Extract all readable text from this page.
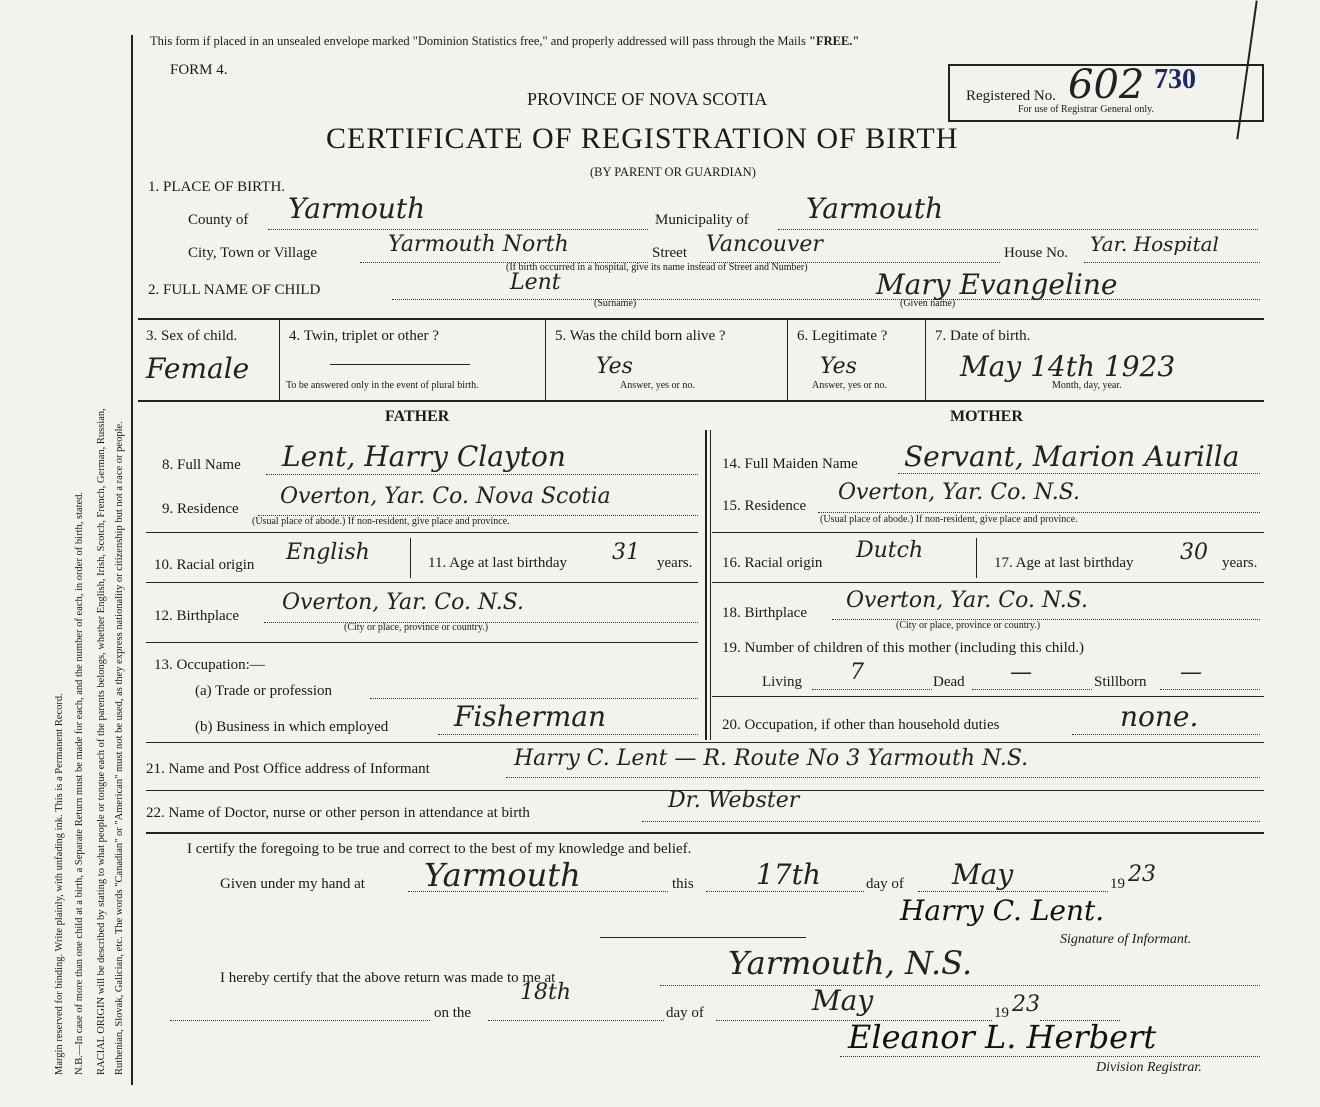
Margin reserved for binding. Write plainly, with unfading ink. This is a Permanent Record. N.B.—In case of more than one child at a birth, a Separate Return must be made for each, and the number of each, in order of birth, stated. RACIAL ORIGIN will be described by stating to what people or tongue each of the parents belongs, whether English, Irish, Scotch, French, German, Russian, Ruthenian, Slovak, Galician, etc. The words "Canadian" or "American" must not be used, as they express nationality or citizenship but not a race or people.
This form if placed in an unsealed envelope marked "Dominion Statistics free," and properly addressed will pass through the Mails "FREE."
FORM 4.
PROVINCE OF NOVA SCOTIA
CERTIFICATE OF REGISTRATION OF BIRTH
(BY PARENT OR GUARDIAN)
Registered No. 602 730
For use of Registrar General only.
1. PLACE OF BIRTH.
County of Yarmouth	Municipality of Yarmouth
City, Town or Village	Yarmouth North	Street Vancouver	House No. Yar. Hospital
(If birth occurred in a hospital, give its name instead of Street and Number)
2. FULL NAME OF CHILD	Lent
(Surname)
Mary Evangeline
(Given name)
3. Sex of child.
Female
4. Twin, triplet or other ?
To be answered only in the event of plural birth.
5. Was the child born alive ?
Yes
Answer, yes or no.
6. Legitimate ?
Yes
Answer, yes or no.
7. Date of birth.
May 14th 1923
Month, day, year.
FATHER	MOTHER
8. Full Name Lent, Harry Clayton
9. Residence Overton, Yar. Co. Nova Scotia
(Usual place of abode.) If non-resident, give place and province.
10. Racial origin English	11. Age at last birthday 31 years.
12. Birthplace
Overton, Yar. Co. N.S.
(City or place, province or country.)
13. Occupation:—
(a) Trade or profession
(b) Business in which employed Fisherman
14. Full Maiden Name Servant, Marion Aurilla
15. Residence
Overton, Yar. Co. N.S.
(Usual place of abode.) If non-resident, give place and province.
16. Racial origin Dutch	17. Age at last birthday 30 years.
18. Birthplace Overton, Yar. Co. N.S.
(City or place, province or country.)
19. Number of children of this mother (including this child.)
Living 7	Dead —	Stillborn —
20. Occupation, if other than household duties	none.
21. Name and Post Office address of Informant	Harry C. Lent — R. Route No 3 Yarmouth N.S.
22. Name of Doctor, nurse or other person in attendance at birth	Dr. Webster
I certify the foregoing to be true and correct to the best of my knowledge and belief.
Given under my hand at Yarmouth	this 17th	day of May	19 23
Harry C. Lent.
Signature of Informant.
I hereby certify that the above return was made to me at	Yarmouth, N.S.
on the
18th
day of	May	19 23
Eleanor L. Herbert
Division Registrar.
